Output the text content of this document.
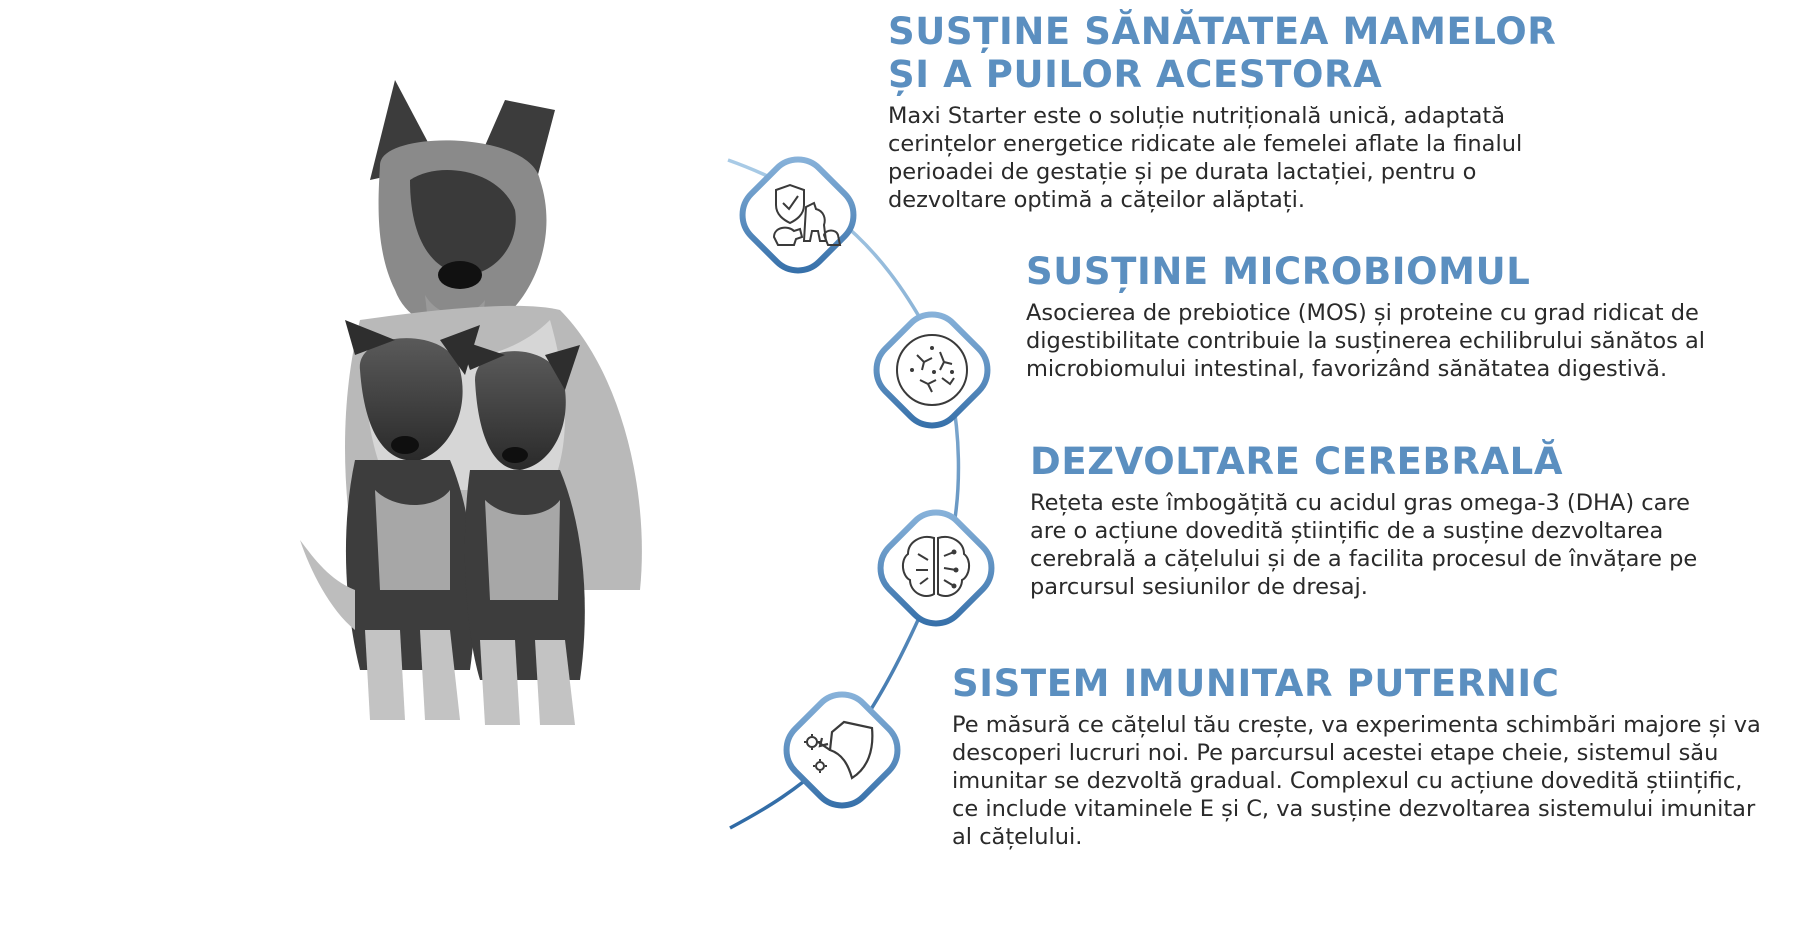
SUSȚINE SĂNĂTATEA MAMELOR
ȘI A PUILOR ACESTORA

Maxi Starter este o soluție nutrițională unică, adaptată cerințelor energetice ridicate ale femelei aflate la finalul perioadei de gestație și pe durata lactației, pentru o dezvoltare optimă a cățeilor alăptați.

SUSȚINE MICROBIOMUL

Asocierea de prebiotice (MOS) și proteine cu grad ridicat de digestibilitate contribuie la susținerea echilibrului sănătos al microbiomului intestinal, favorizând sănătatea digestivă.

DEZVOLTARE CEREBRALĂ

Rețeta este îmbogățită cu acidul gras omega-3 (DHA) care are o acțiune dovedită științific de a susține dezvoltarea cerebrală a cățelului și de a facilita procesul de învățare pe parcursul sesiunilor de dresaj.

SISTEM IMUNITAR PUTERNIC

Pe măsură ce cățelul tău crește, va experimenta schimbări majore și va descoperi lucruri noi. Pe parcursul acestei etape cheie, sistemul său imunitar se dezvoltă gradual. Complexul cu acțiune dovedită științific, ce include vitaminele E și C, va susține dezvoltarea sistemului imunitar al cățelului.
